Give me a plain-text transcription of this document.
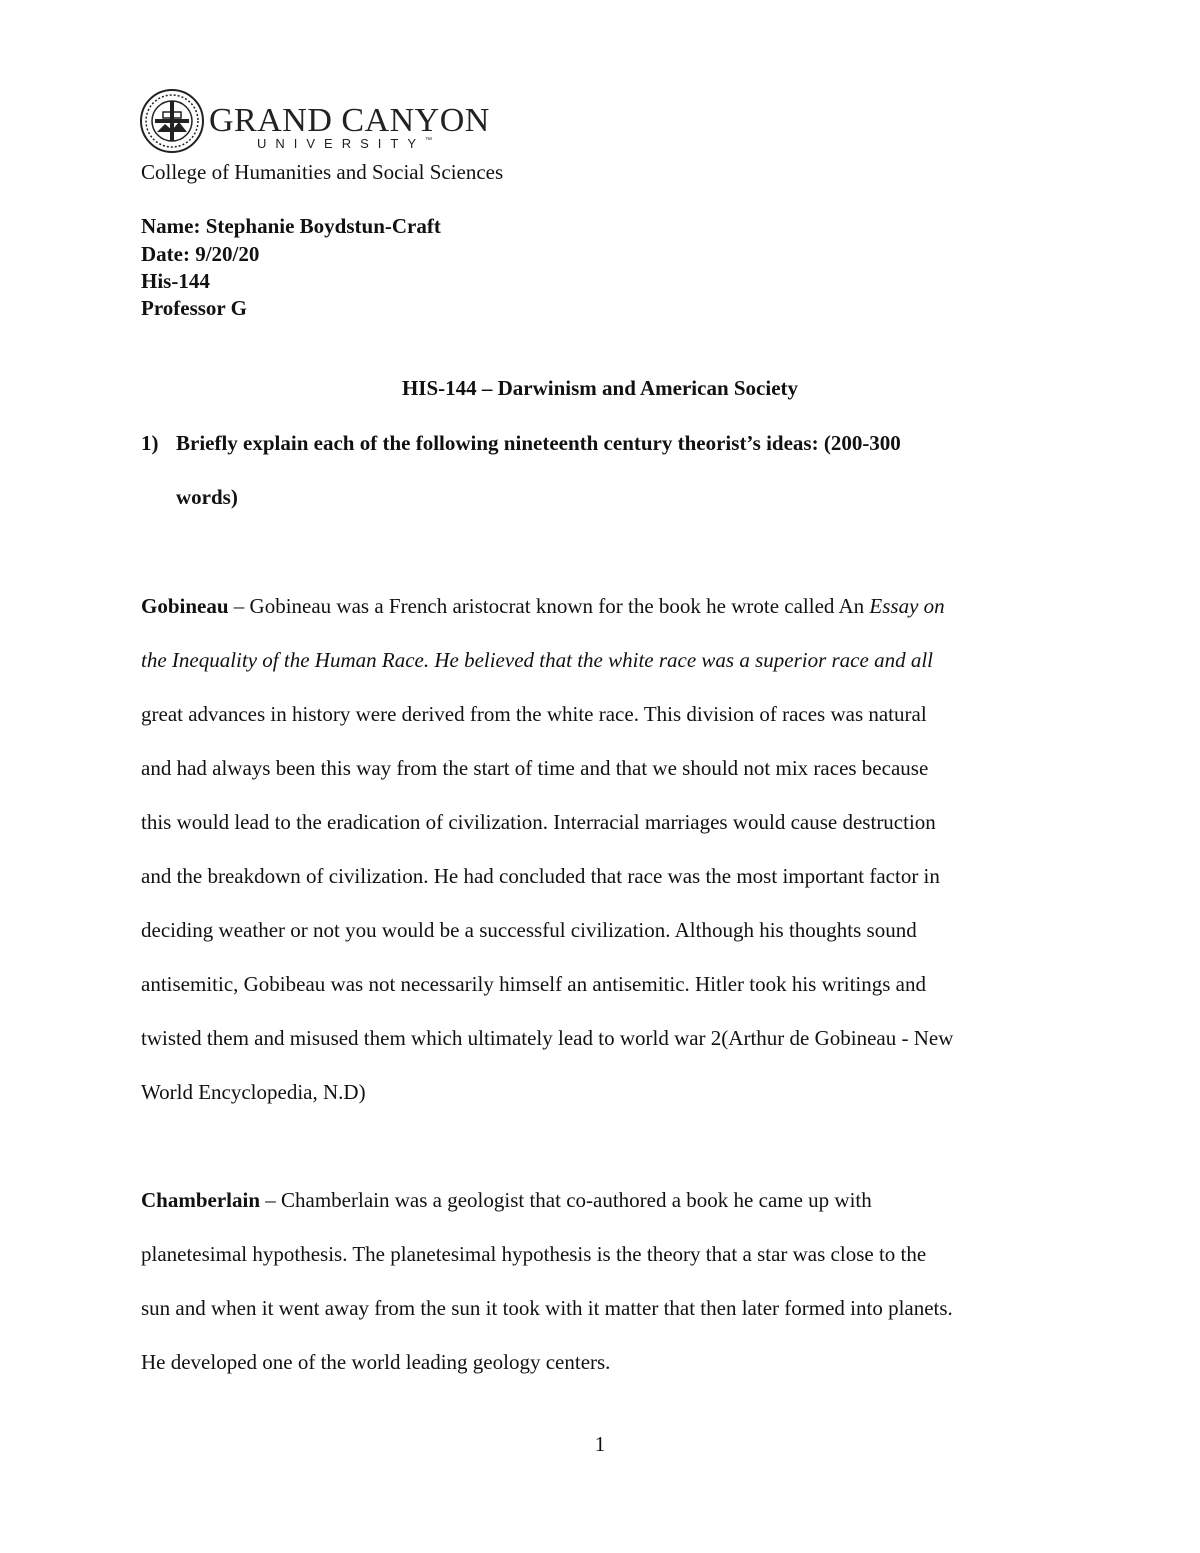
GRAND CANYON
UNIVERSITY™
College of Humanities and Social Sciences
Name: Stephanie Boydstun-Craft
Date: 9/20/20
His-144
Professor G
HIS-144 – Darwinism and American Society
1) Briefly explain each of the following nineteenth century theorist’s ideas: (200-300
words)
Gobineau – Gobineau was a French aristocrat known for the book he wrote called An Essay on
the Inequality of the Human Race. He believed that the white race was a superior race and all
great advances in history were derived from the white race. This division of races was natural
and had always been this way from the start of time and that we should not mix races because
this would lead to the eradication of civilization. Interracial marriages would cause destruction
and the breakdown of civilization. He had concluded that race was the most important factor in
deciding weather or not you would be a successful civilization. Although his thoughts sound
antisemitic, Gobibeau was not necessarily himself an antisemitic. Hitler took his writings and
twisted them and misused them which ultimately lead to world war 2(Arthur de Gobineau - New
World Encyclopedia, N.D)
Chamberlain – Chamberlain was a geologist that co-authored a book he came up with
planetesimal hypothesis. The planetesimal hypothesis is the theory that a star was close to the
sun and when it went away from the sun it took with it matter that then later formed into planets.
He developed one of the world leading geology centers.
1
